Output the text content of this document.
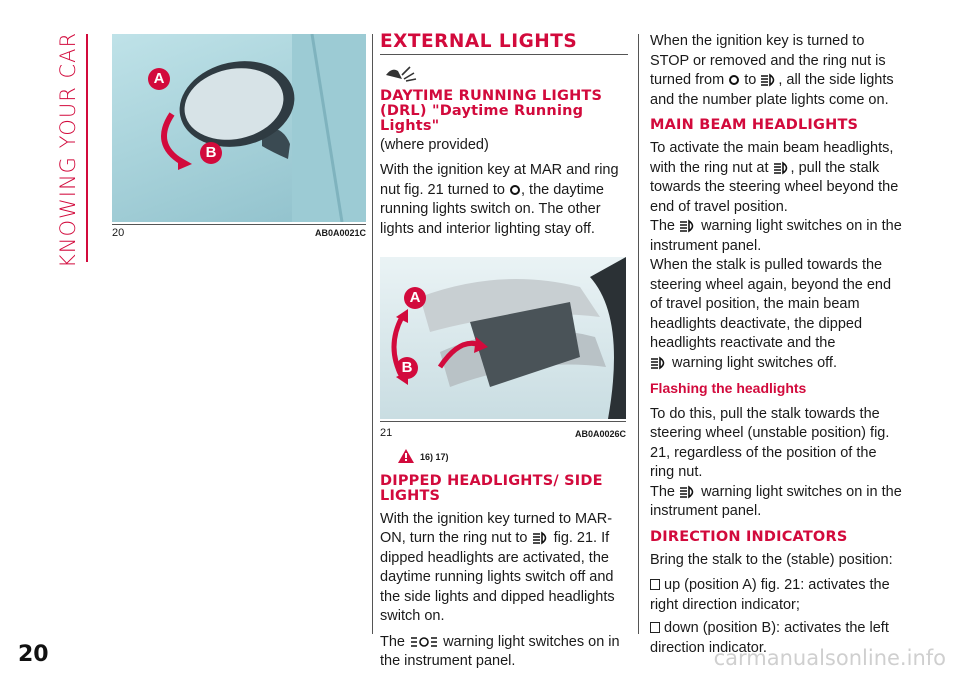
KNOWING YOUR CAR
20	carmanualsonline.info
A
B
20	AB0A0021C
EXTERNAL LIGHTS
DAYTIME RUNNING LIGHTS (DRL) "Daytime Running Lights"

(where provided)

With the ignition key at MAR and ring nut fig. 21 turned to , the daytime running lights switch on. The other lights and interior lighting stay off.

A
B
21	AB0A0026C
16) 17)
DIPPED HEADLIGHTS/ SIDE LIGHTS

With the ignition key turned to MAR-ON, turn the ring nut to fig. 21. If dipped headlights are activated, the daytime running lights switch off and the side lights and dipped headlights switch on.

The	warning light switches on in the instrument panel.

When the ignition key is turned to STOP or removed and the ring nut is turned from to , all the side lights and the number plate lights come on.

MAIN BEAM HEADLIGHTS

To activate the main beam headlights, with the ring nut at , pull the stalk towards the steering wheel beyond the end of travel position.
The warning light switches on in the instrument panel.
When the stalk is pulled towards the steering wheel again, beyond the end of travel position, the main beam headlights deactivate, the dipped headlights reactivate and the
warning light switches off.

Flashing the headlights

To do this, pull the stalk towards the steering wheel (unstable position) fig. 21, regardless of the position of the ring nut.
The warning light switches on in the instrument panel.

DIRECTION INDICATORS

Bring the stalk to the (stable) position:

up (position A) fig. 21: activates the right direction indicator;

down (position B): activates the left direction indicator.
